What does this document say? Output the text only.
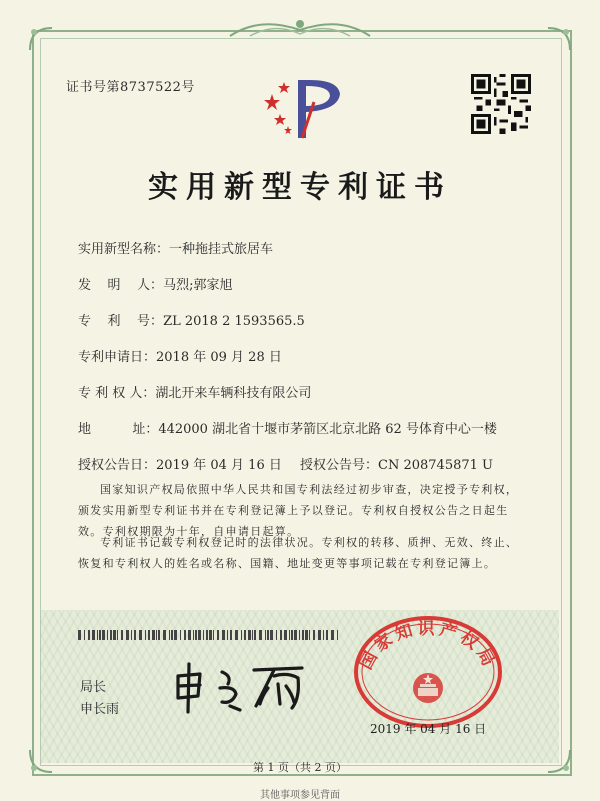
证书号第8737522号
实用新型专利证书
实用新型名称：一种拖挂式旅居车
发    明    人：马烈;郭家旭
专    利    号：ZL 2018 2 1593565.5
专利申请日：2018 年 09 月 28 日
专 利 权 人：湖北开来车辆科技有限公司
地          址：442000 湖北省十堰市茅箭区北京北路 62 号体育中心一楼
授权公告日：2019 年 04 月 16 日 授权公告号：CN 208745871 U
国家知识产权局依照中华人民共和国专利法经过初步审查，决定授予专利权，颁发实用新型专利证书并在专利登记簿上予以登记。专利权自授权公告之日起生效。专利权期限为十年，自申请日起算。
专利证书记载专利权登记时的法律状况。专利权的转移、质押、无效、终止、恢复和专利权人的姓名或名称、国籍、地址变更等事项记载在专利登记簿上。
局长
申长雨
国家知识产权局
2019 年 04 月 16 日
第 1 页（共 2 页）
其他事项参见背面
